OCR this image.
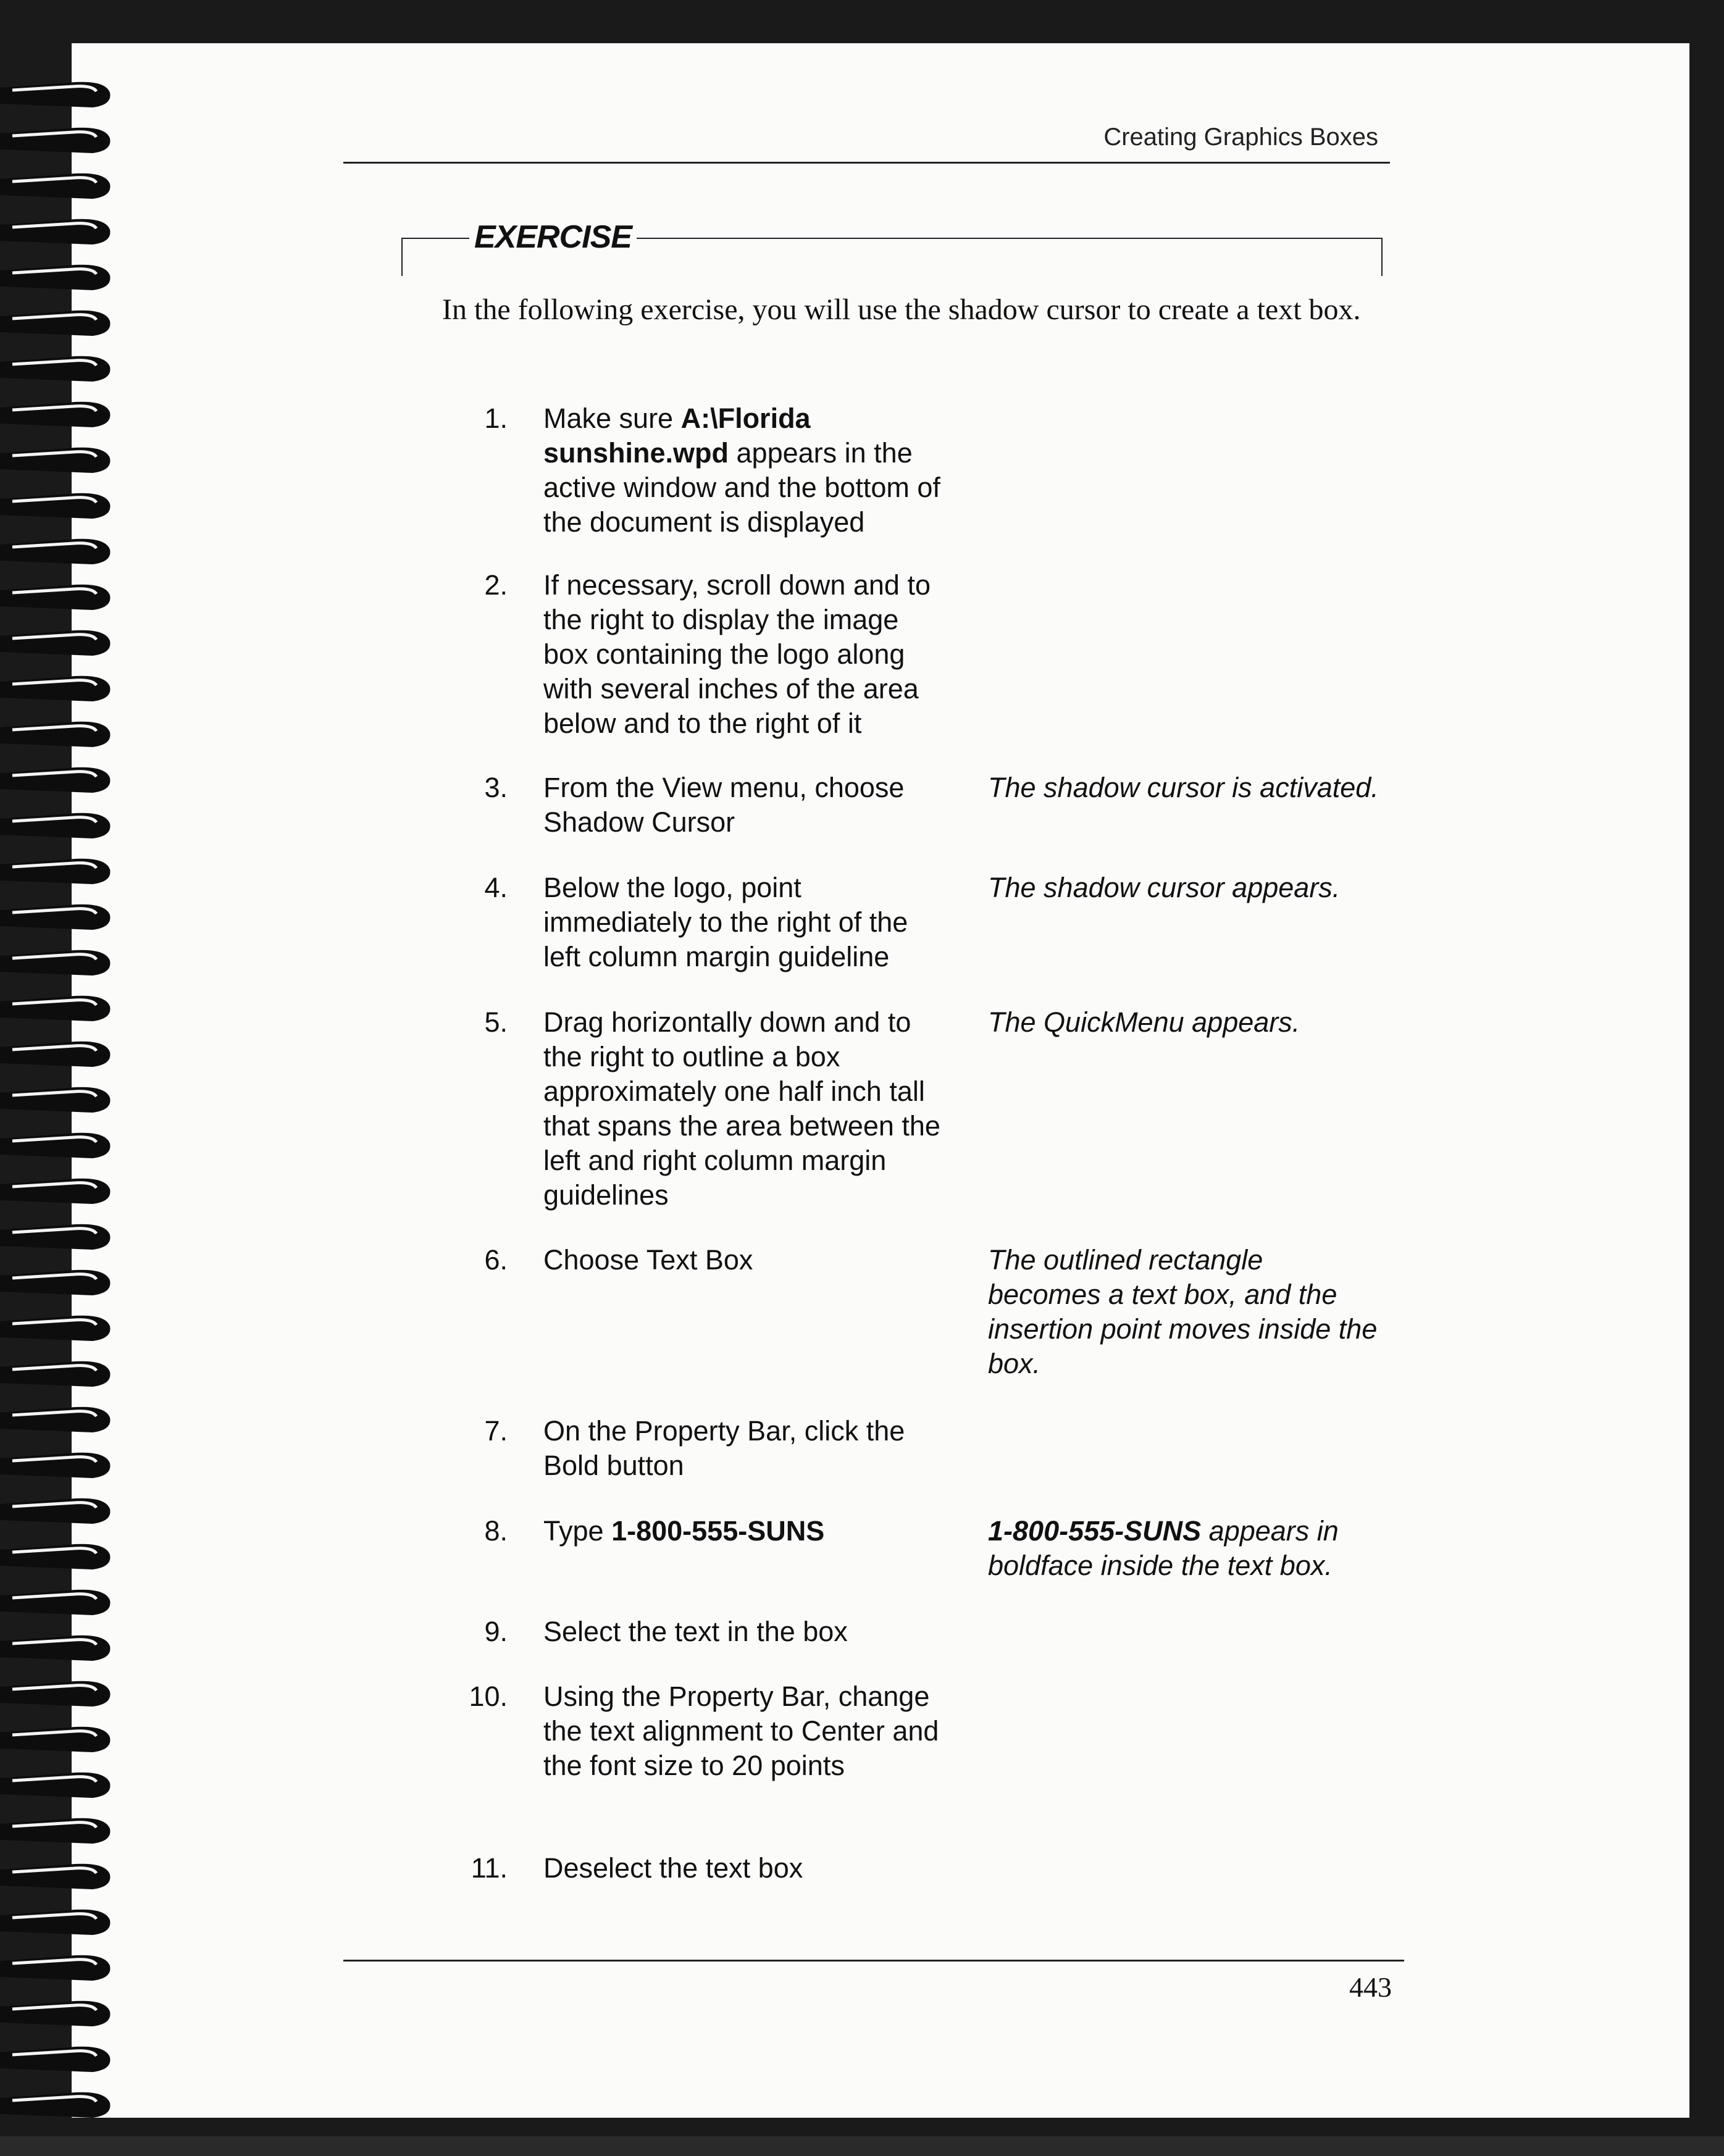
Creating Graphics Boxes
EXERCISE
In the following exercise, you will use the shadow cursor to create a text box.
1. Make sure A:\Florida sunshine.wpd appears in the active window and the bottom of the document is displayed
2. If necessary, scroll down and to the right to display the image box containing the logo along with several inches of the area below and to the right of it
3. From the View menu, choose Shadow Cursor
The shadow cursor is activated.
4. Below the logo, point immediately to the right of the left column margin guideline
The shadow cursor appears.
5. Drag horizontally down and to the right to outline a box approximately one half inch tall that spans the area between the left and right column margin guidelines
The QuickMenu appears.
6. Choose Text Box	The outlined rectangle becomes a text box, and the insertion point moves inside the box.
7. On the Property Bar, click the Bold button
8. Type 1-800-555-SUNS	1-800-555-SUNS appears in boldface inside the text box.
9. Select the text in the box
10. Using the Property Bar, change the text alignment to Center and the font size to 20 points
11. Deselect the text box
443
